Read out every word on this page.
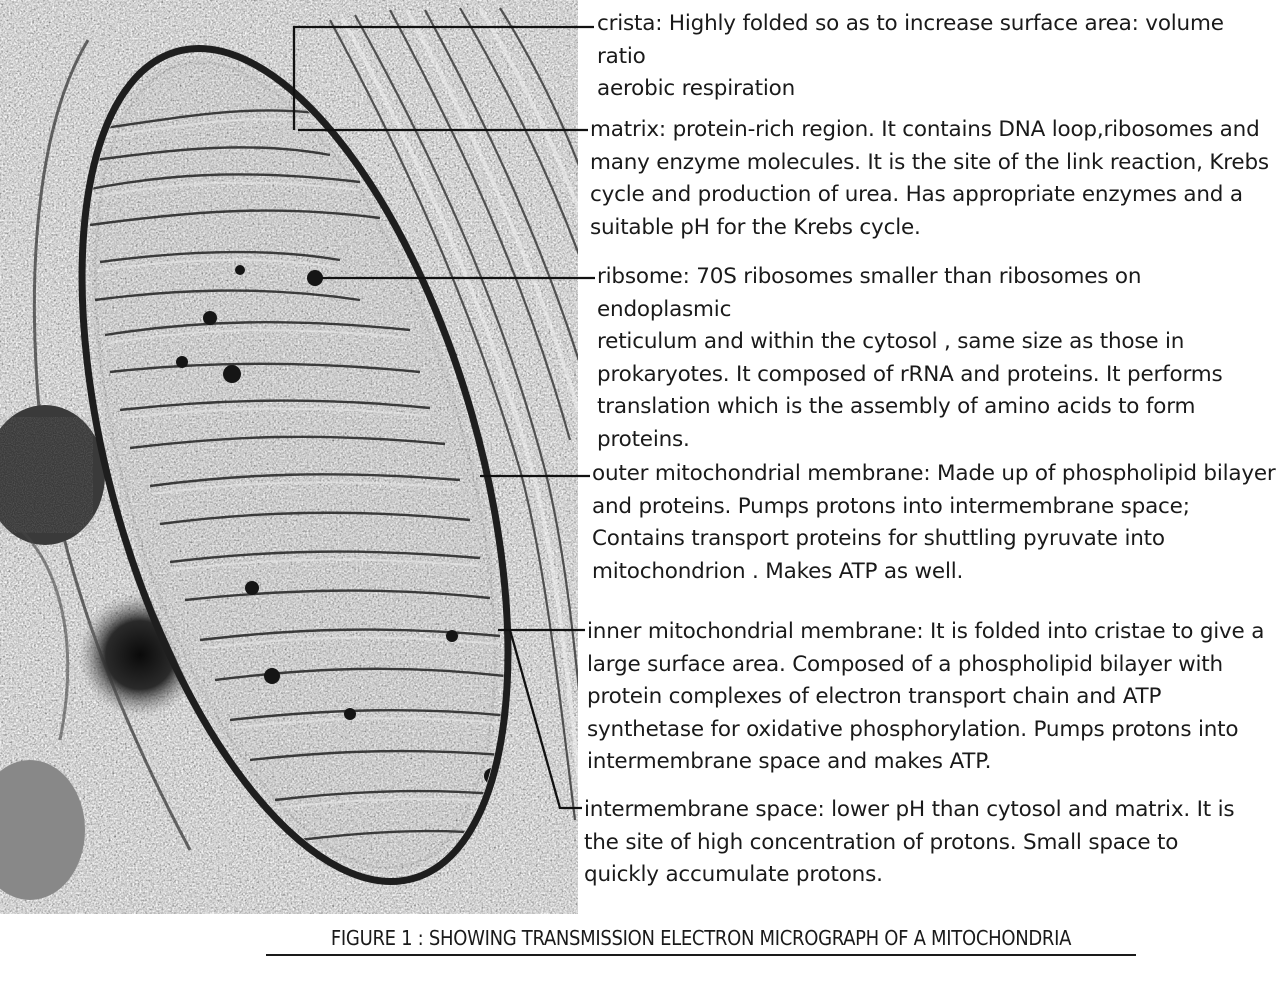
crista: Highly folded so as to increase surface area: volume ratio
aerobic respiration
matrix: protein-rich region. It contains DNA loop,ribosomes and
many enzyme molecules. It is the site of the link reaction, Krebs
cycle and production of urea. Has appropriate enzymes and a
suitable pH for the Krebs cycle.
ribsome: 70S ribosomes smaller than ribosomes on endoplasmic
reticulum and within the cytosol , same size as those in
prokaryotes. It composed of rRNA and proteins. It performs
translation which is the assembly of amino acids to form
proteins.
outer mitochondrial membrane: Made up of phospholipid bilayer
and proteins. Pumps protons into intermembrane space;
Contains transport proteins for shuttling pyruvate into
mitochondrion . Makes ATP as well.
inner mitochondrial membrane: It is folded into cristae to give a
large surface area. Composed of a phospholipid bilayer with
protein complexes of electron transport chain and ATP
synthetase for oxidative phosphorylation. Pumps protons into
intermembrane space and makes ATP.
intermembrane space: lower pH than cytosol and matrix. It is
the site of high concentration of protons. Small space to
quickly accumulate protons.
FIGURE 1 : SHOWING TRANSMISSION ELECTRON MICROGRAPH OF A MITOCHONDRIA
